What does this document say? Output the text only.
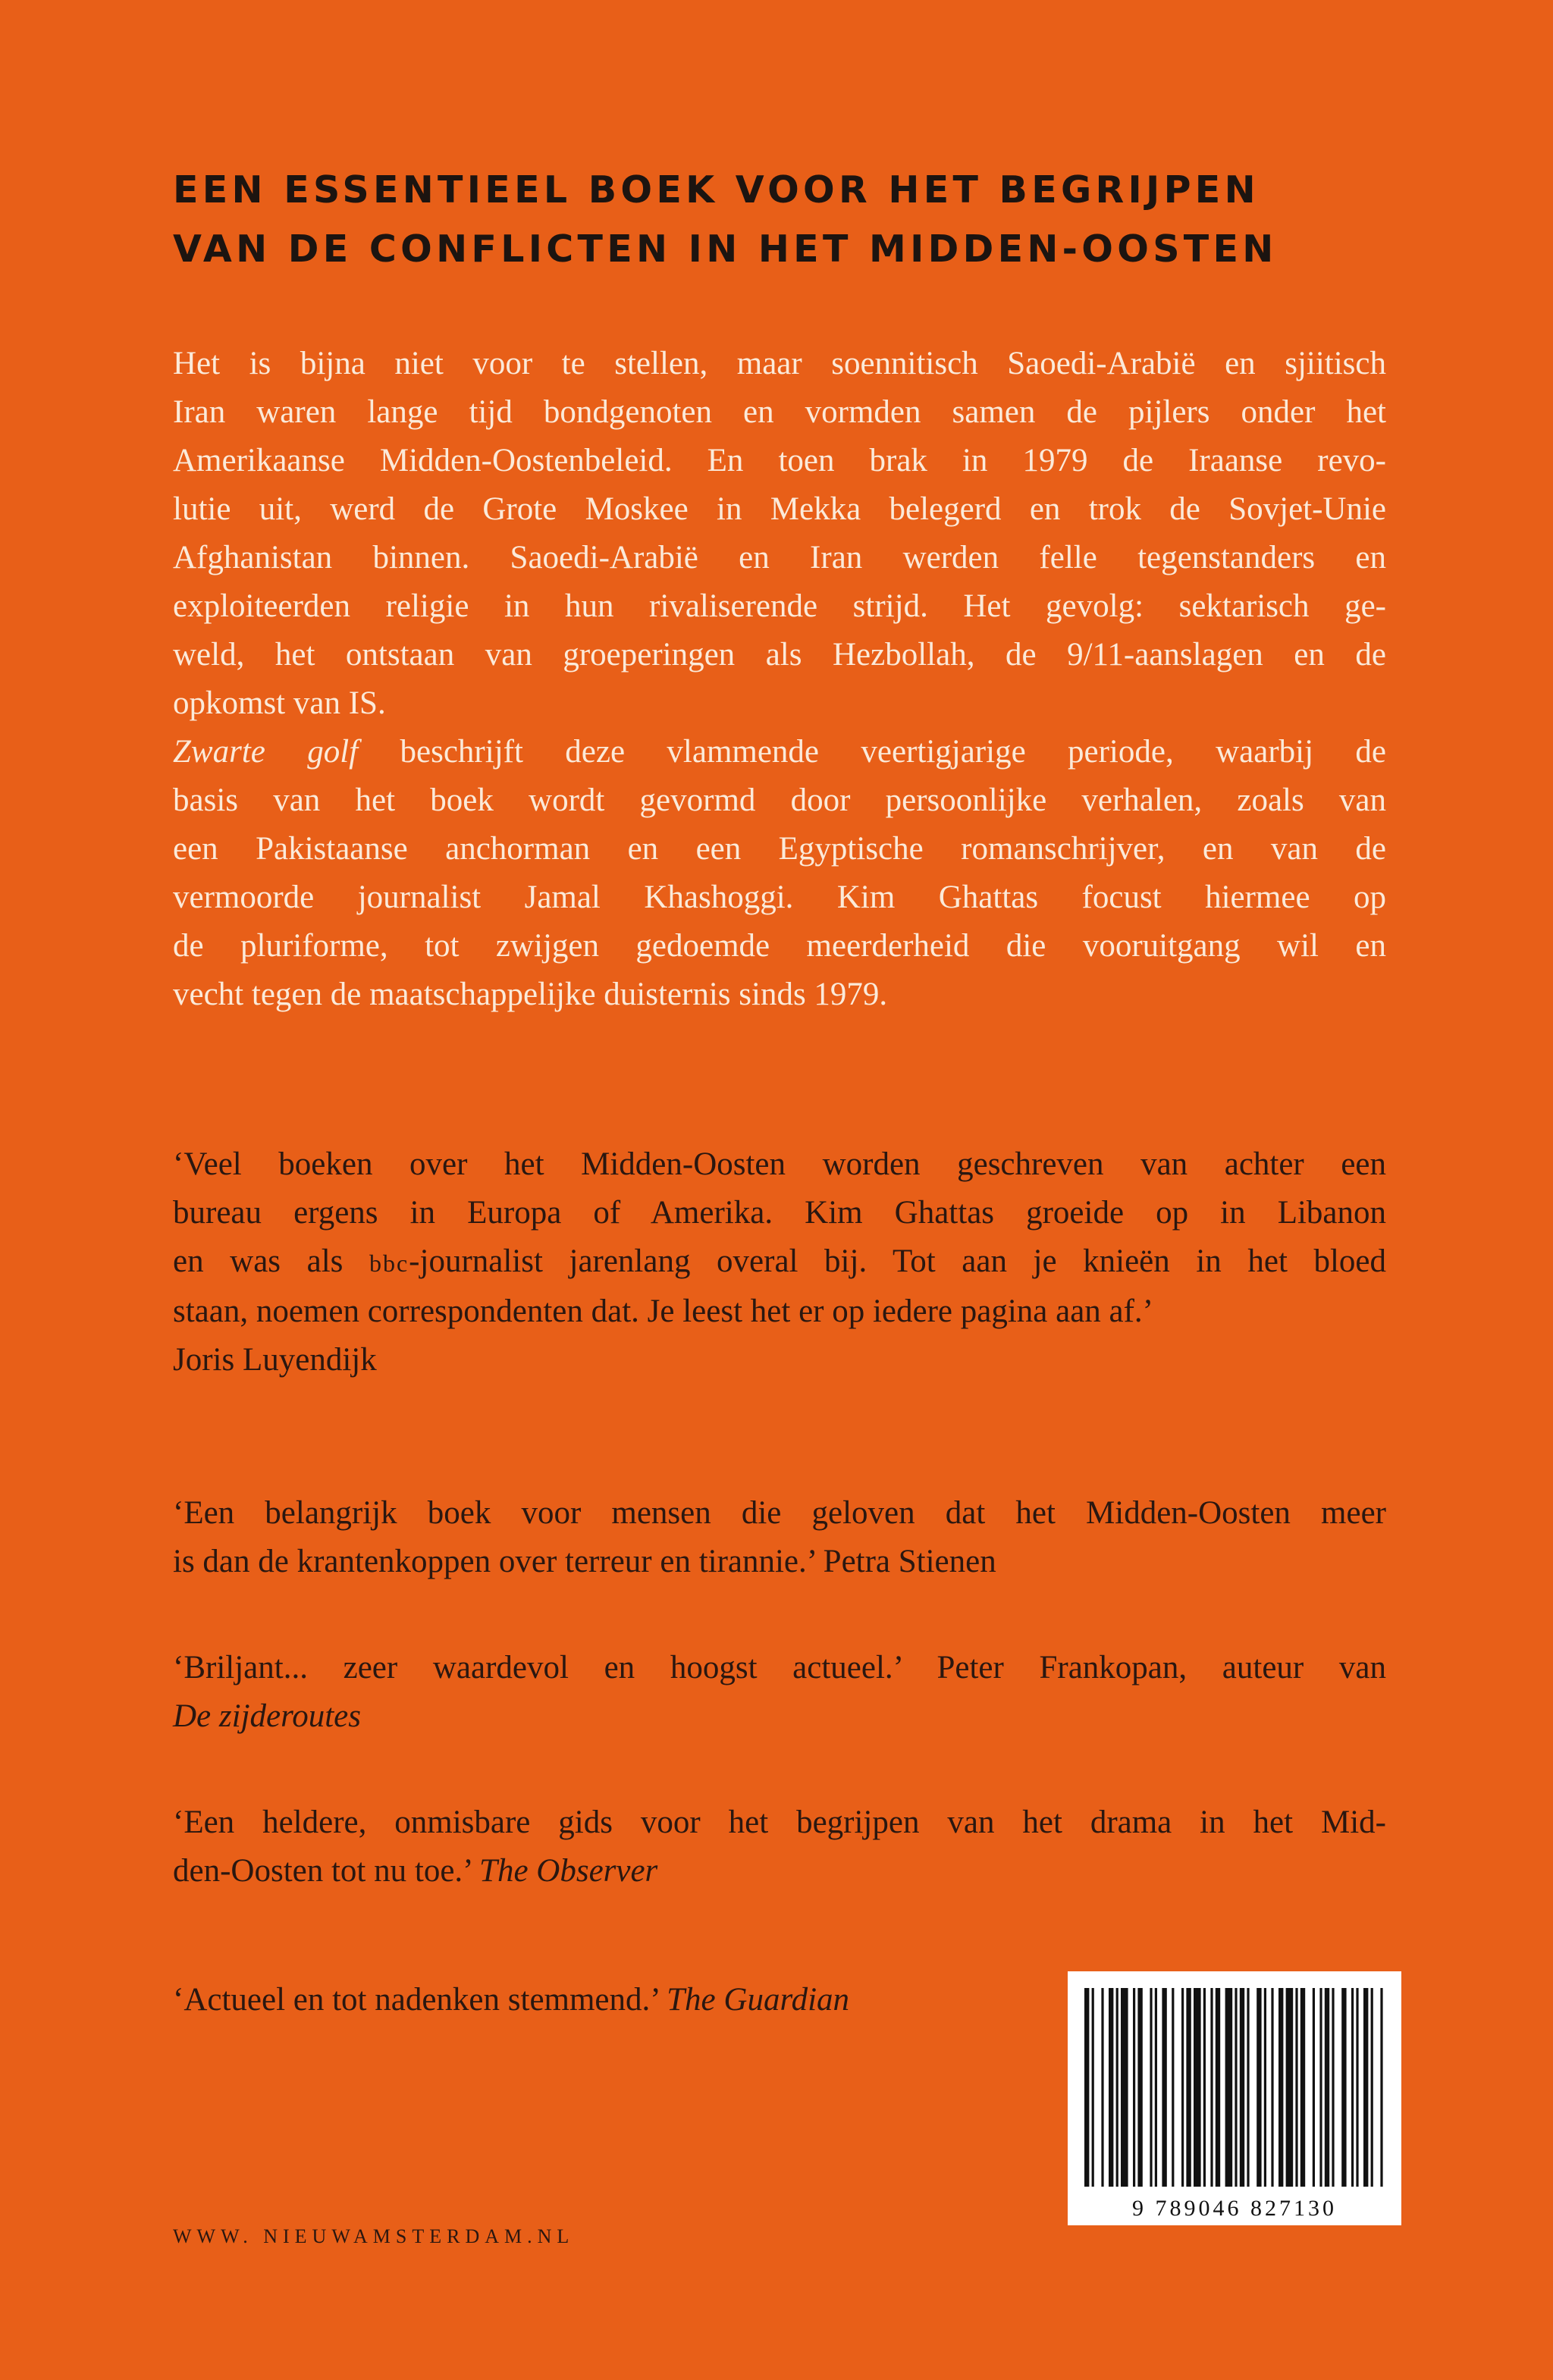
EEN ESSENTIEEL BOEK VOOR HET BEGRIJPEN
VAN DE CONFLICTEN IN HET MIDDEN-OOSTEN
Het is bijna niet voor te stellen, maar soennitisch Saoedi-Arabië en sjiitisch
Iran waren lange tijd bondgenoten en vormden samen de pijlers onder het
Amerikaanse Midden-Oostenbeleid. En toen brak in 1979 de Iraanse revo-
lutie uit, werd de Grote Moskee in Mekka belegerd en trok de Sovjet-Unie
Afghanistan binnen. Saoedi-Arabië en Iran werden felle tegenstanders en
exploiteerden religie in hun rivaliserende strijd. Het gevolg: sektarisch ge-
weld, het ontstaan van groeperingen als Hezbollah, de 9/11-aanslagen en de
opkomst van IS.
Zwarte golf beschrijft deze vlammende veertigjarige periode, waarbij de
basis van het boek wordt gevormd door persoonlijke verhalen, zoals van
een Pakistaanse anchorman en een Egyptische romanschrijver, en van de
vermoorde journalist Jamal Khashoggi. Kim Ghattas focust hiermee op
de pluriforme, tot zwijgen gedoemde meerderheid die vooruitgang wil en
vecht tegen de maatschappelijke duisternis sinds 1979.
‘Veel boeken over het Midden-Oosten worden geschreven van achter een
bureau ergens in Europa of Amerika. Kim Ghattas groeide op in Libanon
en was als bbc-journalist jarenlang overal bij. Tot aan je knieën in het bloed
staan, noemen correspondenten dat. Je leest het er op iedere pagina aan af.’
Joris Luyendijk
‘Een belangrijk boek voor mensen die geloven dat het Midden-Oosten meer
is dan de krantenkoppen over terreur en tirannie.’ Petra Stienen
‘Briljant... zeer waardevol en hoogst actueel.’ Peter Frankopan, auteur van
De zijderoutes
‘Een heldere, onmisbare gids voor het begrijpen van het drama in het Mid-
den-Oosten tot nu toe.’ The Observer
‘Actueel en tot nadenken stemmend.’ The Guardian
WWW. NIEUWAMSTERDAM.NL
9 789046 827130
